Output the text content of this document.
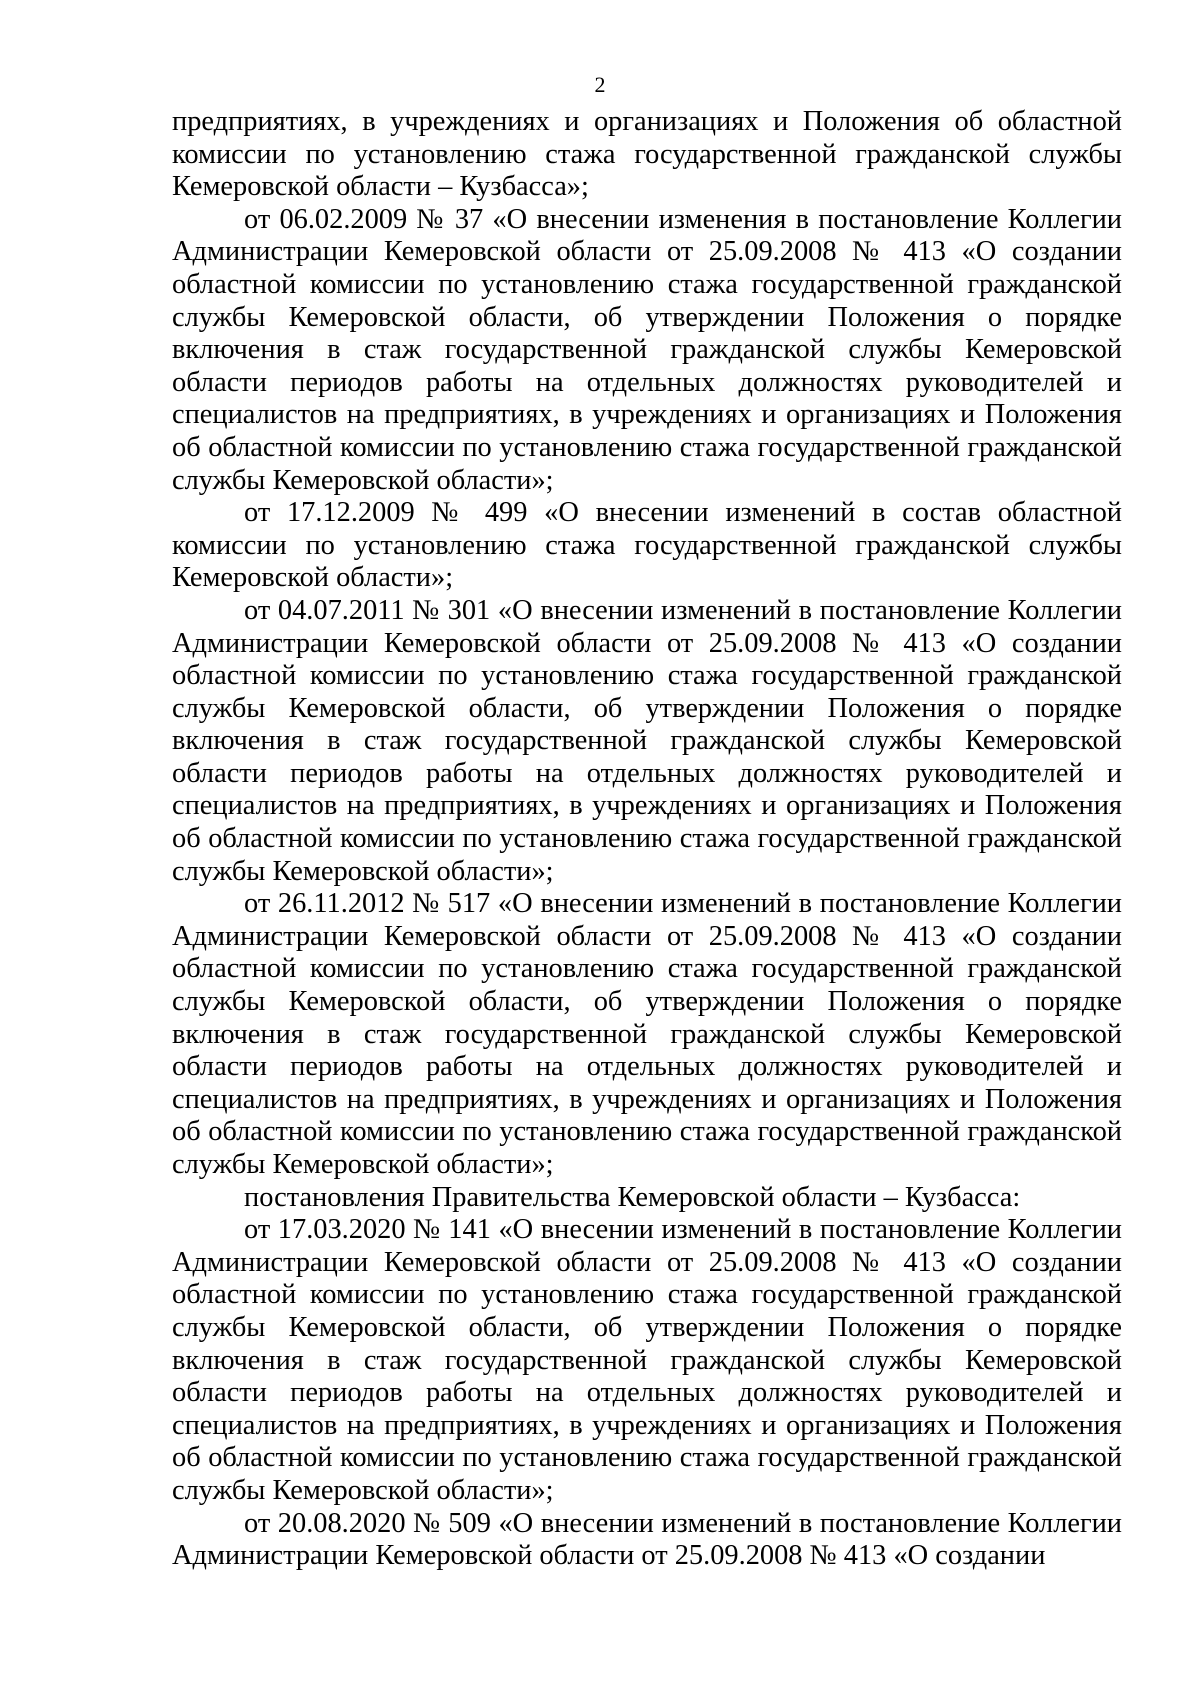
2

предприятиях, в учреждениях и организациях и Положения об областной комиссии по установлению стажа государственной гражданской службы Кемеровской области – Кузбасса»;

от 06.02.2009 № 37 «О внесении изменения в постановление Коллегии Администрации Кемеровской области от 25.09.2008 № 413 «О создании областной комиссии по установлению стажа государственной гражданской службы Кемеровской области, об утверждении Положения о порядке включения в стаж государственной гражданской службы Кемеровской области периодов работы на отдельных должностях руководителей и специалистов на предприятиях, в учреждениях и организациях и Положения об областной комиссии по установлению стажа государственной гражданской службы Кемеровской области»;

от 17.12.2009 № 499 «О внесении изменений в состав областной комиссии по установлению стажа государственной гражданской службы Кемеровской области»;

от 04.07.2011 № 301 «О внесении изменений в постановление Коллегии Администрации Кемеровской области от 25.09.2008 № 413 «О создании областной комиссии по установлению стажа государственной гражданской службы Кемеровской области, об утверждении Положения о порядке включения в стаж государственной гражданской службы Кемеровской области периодов работы на отдельных должностях руководителей и специалистов на предприятиях, в учреждениях и организациях и Положения об областной комиссии по установлению стажа государственной гражданской службы Кемеровской области»;

от 26.11.2012 № 517 «О внесении изменений в постановление Коллегии Администрации Кемеровской области от 25.09.2008 № 413 «О создании областной комиссии по установлению стажа государственной гражданской службы Кемеровской области, об утверждении Положения о порядке включения в стаж государственной гражданской службы Кемеровской области периодов работы на отдельных должностях руководителей и специалистов на предприятиях, в учреждениях и организациях и Положения об областной комиссии по установлению стажа государственной гражданской службы Кемеровской области»;

постановления Правительства Кемеровской области – Кузбасса:

от 17.03.2020 № 141 «О внесении изменений в постановление Коллегии Администрации Кемеровской области от 25.09.2008 № 413 «О создании областной комиссии по установлению стажа государственной гражданской службы Кемеровской области, об утверждении Положения о порядке включения в стаж государственной гражданской службы Кемеровской области периодов работы на отдельных должностях руководителей и специалистов на предприятиях, в учреждениях и организациях и Положения об областной комиссии по установлению стажа государственной гражданской службы Кемеровской области»;

от 20.08.2020 № 509 «О внесении изменений в постановление Коллегии Администрации Кемеровской области от 25.09.2008 № 413 «О создании
